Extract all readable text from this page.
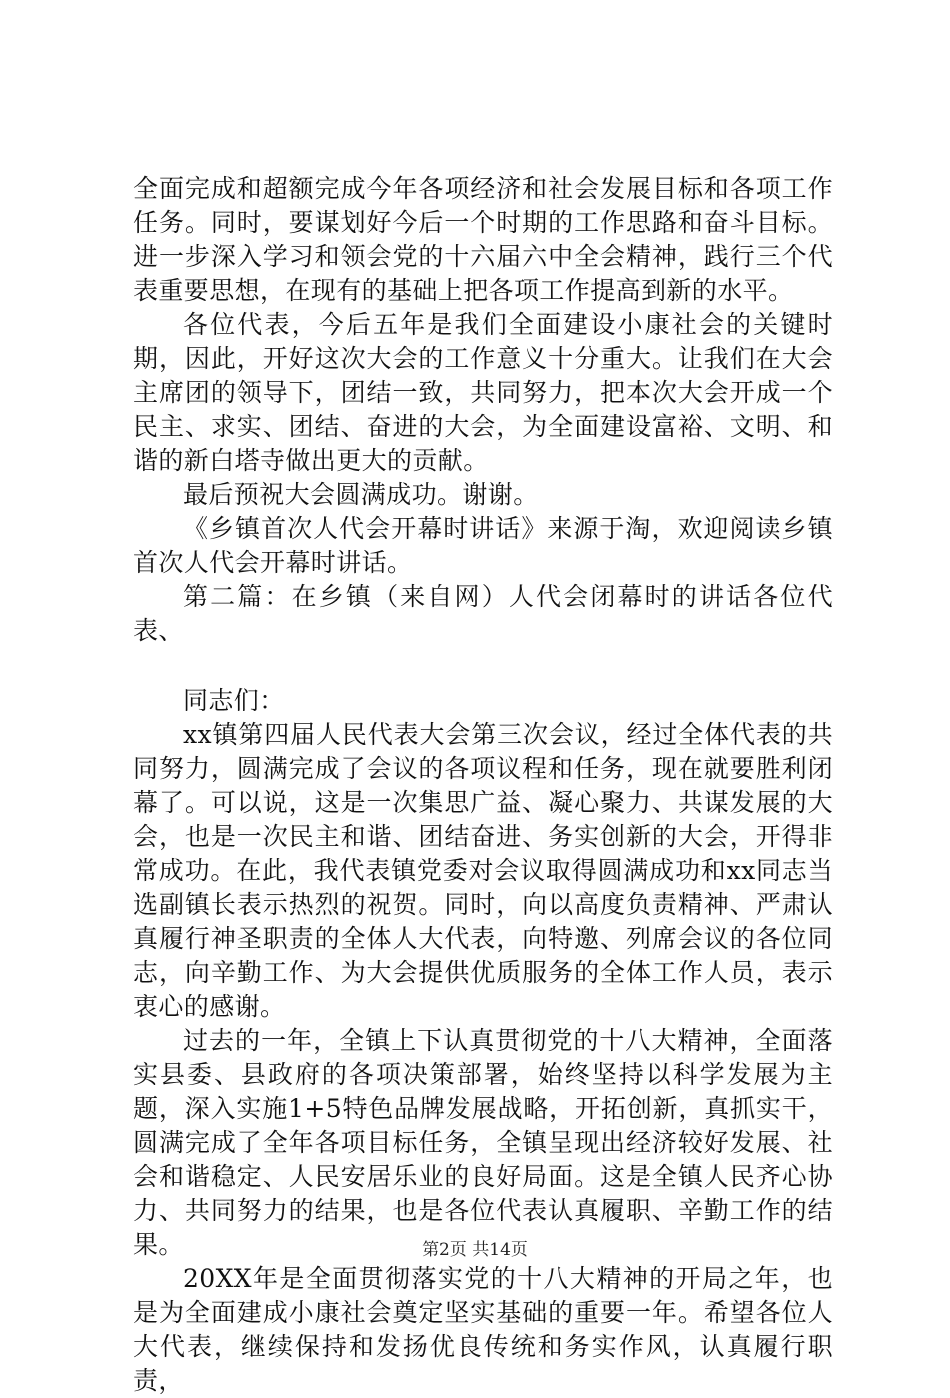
全面完成和超额完成今年各项经济和社会发展目标和各项工作任务。同时，要谋划好今后一个时期的工作思路和奋斗目标。进一步深入学习和领会党的十六届六中全会精神，践行三个代表重要思想，在现有的基础上把各项工作提高到新的水平。

各位代表，今后五年是我们全面建设小康社会的关键时期，因此，开好这次大会的工作意义十分重大。让我们在大会主席团的领导下，团结一致，共同努力，把本次大会开成一个民主、求实、团结、奋进的大会，为全面建设富裕、文明、和谐的新白塔寺做出更大的贡献。

最后预祝大会圆满成功。谢谢。

《乡镇首次人代会开幕时讲话》来源于淘，欢迎阅读乡镇首次人代会开幕时讲话。

第二篇：在乡镇（来自网）人代会闭幕时的讲话各位代表、

同志们：

xx镇第四届人民代表大会第三次会议，经过全体代表的共同努力，圆满完成了会议的各项议程和任务，现在就要胜利闭幕了。可以说，这是一次集思广益、凝心聚力、共谋发展的大会，也是一次民主和谐、团结奋进、务实创新的大会，开得非常成功。在此，我代表镇党委对会议取得圆满成功和xx同志当选副镇长表示热烈的祝贺。同时，向以高度负责精神、严肃认真履行神圣职责的全体人大代表，向特邀、列席会议的各位同志，向辛勤工作、为大会提供优质服务的全体工作人员，表示衷心的感谢。

过去的一年，全镇上下认真贯彻党的十八大精神，全面落实县委、县政府的各项决策部署，始终坚持以科学发展为主题，深入实施1+5特色品牌发展战略，开拓创新，真抓实干，圆满完成了全年各项目标任务，全镇呈现出经济较好发展、社会和谐稳定、人民安居乐业的良好局面。这是全镇人民齐心协力、共同努力的结果，也是各位代表认真履职、辛勤工作的结果。

20XX年是全面贯彻落实党的十八大精神的开局之年，也是为全面建成小康社会奠定坚实基础的重要一年。希望各位人大代表，继续保持和发扬优良传统和务实作风，认真履行职责，

第2页 共14页
